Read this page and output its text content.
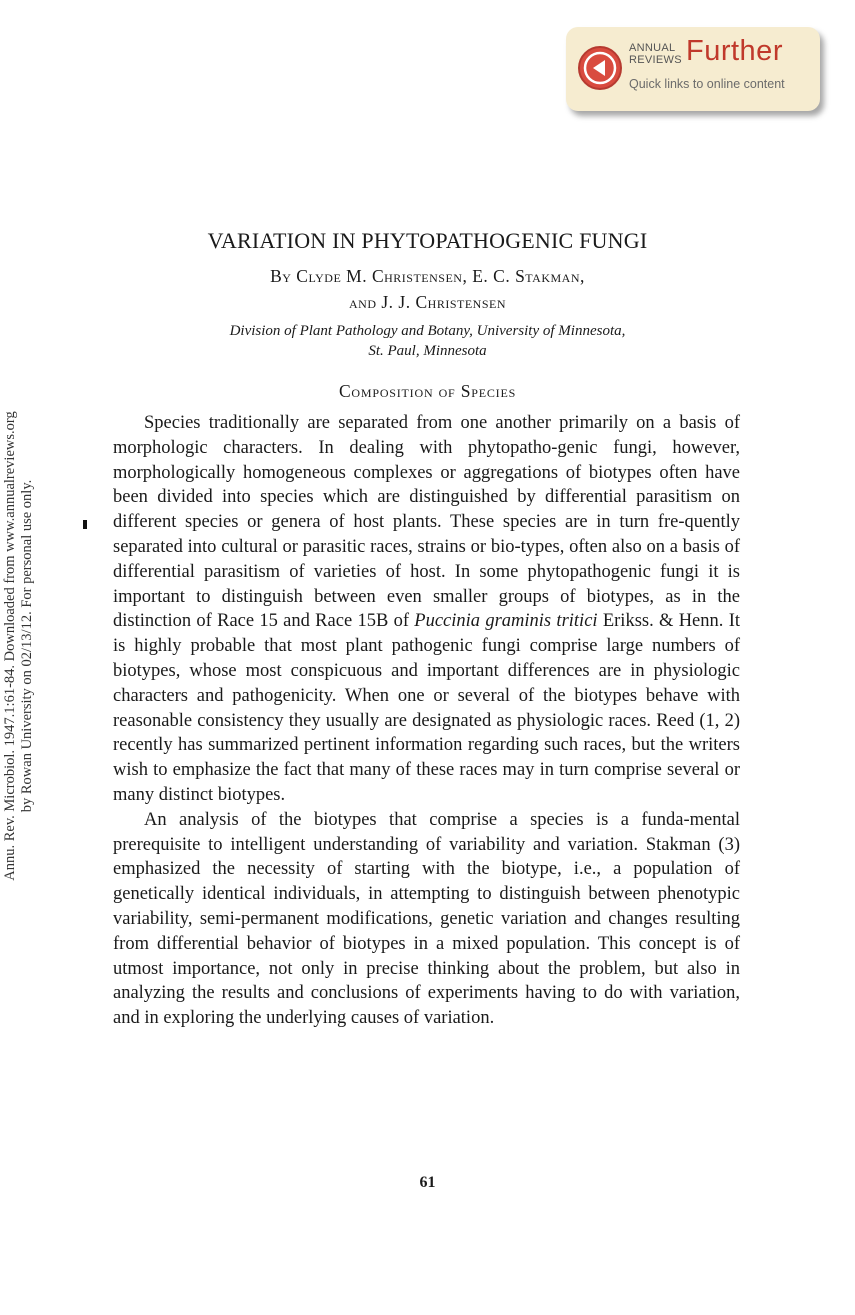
ANNUAL
REVIEWS Further
Quick links to online content
Annu. Rev. Microbiol. 1947.1:61-84. Downloaded from www.annualreviews.org by Rowan University on 02/13/12. For personal use only.
VARIATION IN PHYTOPATHOGENIC FUNGI
By Clyde M. Christensen, E. C. Stakman,
and J. J. Christensen
Division of Plant Pathology and Botany, University of Minnesota,
St. Paul, Minnesota
Composition of Species

Species traditionally are separated from one another primarily on a basis of morphologic characters. In dealing with phytopatho-genic fungi, however, morphologically homogeneous complexes or aggregations of biotypes often have been divided into species which are distinguished by differential parasitism on different species or genera of host plants. These species are in turn fre-quently separated into cultural or parasitic races, strains or bio-types, often also on a basis of differential parasitism of varieties of host. In some phytopathogenic fungi it is important to distinguish between even smaller groups of biotypes, as in the distinction of Race 15 and Race 15B of Puccinia graminis tritici Erikss. & Henn. It is highly probable that most plant pathogenic fungi comprise large numbers of biotypes, whose most conspicuous and important differences are in physiologic characters and pathogenicity. When one or several of the biotypes behave with reasonable consistency they usually are designated as physiologic races. Reed (1, 2) recently has summarized pertinent information regarding such races, but the writers wish to emphasize the fact that many of these races may in turn comprise several or many distinct biotypes.

An analysis of the biotypes that comprise a species is a funda-mental prerequisite to intelligent understanding of variability and variation. Stakman (3) emphasized the necessity of starting with the biotype, i.e., a population of genetically identical individuals, in attempting to distinguish between phenotypic variability, semi-permanent modifications, genetic variation and changes resulting from differential behavior of biotypes in a mixed population. This concept is of utmost importance, not only in precise thinking about the problem, but also in analyzing the results and conclusions of experiments having to do with variation, and in exploring the underlying causes of variation.

61
